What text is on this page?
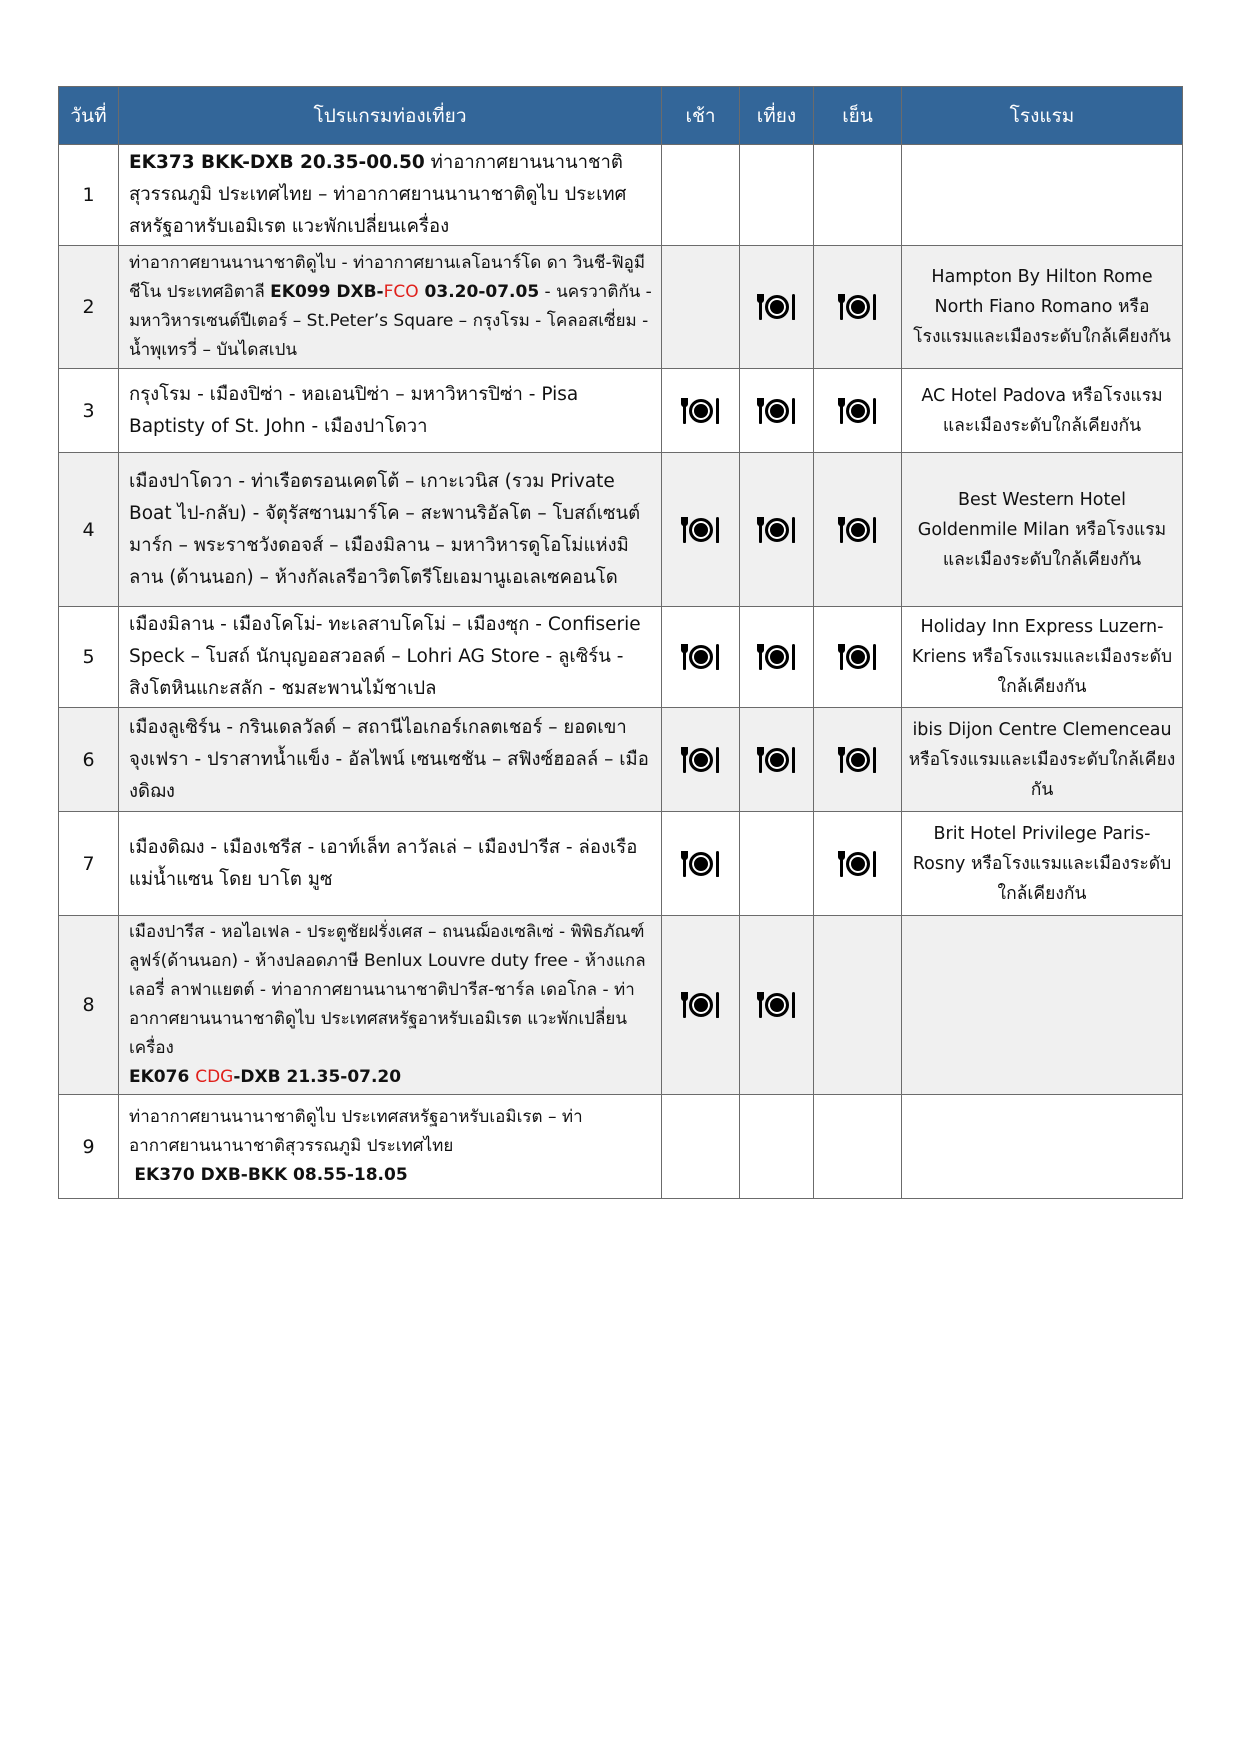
วันที่	โปรแกรมท่องเที่ยว	เช้า	เที่ยง	เย็น	โรงแรม
1	EK373 BKK-DXB 20.35-00.50 ท่าอากาศยานนานาชาติสุวรรณภูมิ ประเทศไทย – ท่าอากาศยานนานาชาติดูไบ ประเทศสหรัฐอาหรับเอมิเรต แวะพักเปลี่ยนเครื่อง				
2	ท่าอากาศยานนานาชาติดูไบ - ท่าอากาศยานเลโอนาร์โด ดา วินชี-ฟิอูมีชีโน ประเทศอิตาลี EK099 DXB-FCO 03.20-07.05 - นครวาติกัน - มหาวิหารเซนต์ปีเตอร์ – St.Peter’s Square – กรุงโรม - โคลอสเซี่ยม - น้ำพุเทรวี่ – บันไดสเปน				Hampton By Hilton Rome North Fiano Romano หรือโรงแรมและเมืองระดับใกล้เคียงกัน
3	กรุงโรม - เมืองปิซ่า - หอเอนปิซ่า – มหาวิหารปิซ่า - Pisa Baptisty of St. John - เมืองปาโดวา				AC Hotel Padova หรือโรงแรมและเมืองระดับใกล้เคียงกัน
4	เมืองปาโดวา - ท่าเรือตรอนเคตโต้ – เกาะเวนิส (รวม Private Boat ไป-กลับ) - จัตุรัสซานมาร์โค – สะพานริอัลโต – โบสถ์เซนต์มาร์ก – พระราชวังดอจส์ – เมืองมิลาน – มหาวิหารดูโอโม่แห่งมิลาน (ด้านนอก) – ห้างกัลเลรีอาวิตโตรีโยเอมานูเอเลเซคอนโด				Best Western Hotel Goldenmile Milan หรือโรงแรมและเมืองระดับใกล้เคียงกัน
5	เมืองมิลาน - เมืองโคโม่- ทะเลสาบโคโม่ – เมืองซุก - Confiserie Speck – โบสถ์ นักบุญออสวอลด์ – Lohri AG Store - ลูเซิร์น - สิงโตหินแกะสลัก - ชมสะพานไม้ชาเปล				Holiday Inn Express Luzern-Kriens หรือโรงแรมและเมืองระดับใกล้เคียงกัน
6	เมืองลูเซิร์น - กรินเดลวัลด์ – สถานีไอเกอร์เกลตเชอร์ – ยอดเขาจุงเฟรา - ปราสาทน้ำแข็ง - อัลไพน์ เซนเซชัน – สฟิงซ์ฮอลล์ – เมืองดิฌง				ibis Dijon Centre Clemenceau หรือโรงแรมและเมืองระดับใกล้เคียงกัน
7	เมืองดิฌง - เมืองเชรีส - เอาท์เล็ท ลาวัลเล่ – เมืองปารีส - ล่องเรือแม่น้ำแซน โดย บาโต มูซ				Brit Hotel Privilege Paris-Rosny หรือโรงแรมและเมืองระดับใกล้เคียงกัน
8	เมืองปารีส - หอไอเฟล - ประตูชัยฝรั่งเศส – ถนนฌ็องเซลิเซ่ - พิพิธภัณฑ์ลูฟร์(ด้านนอก) - ห้างปลอดภาษี Benlux Louvre duty free - ห้างแกลเลอรี่ ลาฟาแยตต์ - ท่าอากาศยานนานาชาติปารีส-ชาร์ล เดอโกล - ท่าอากาศยานนานาชาติดูไบ ประเทศสหรัฐอาหรับเอมิเรต แวะพักเปลี่ยนเครื่อง
EK076 CDG-DXB 21.35-07.20	

9	ท่าอากาศยานนานาชาติดูไบ ประเทศสหรัฐอาหรับเอมิเรต – ท่าอากาศยานนานาชาติสุวรรณภูมิ ประเทศไทย
EK370 DXB-BKK 08.55-18.05				
